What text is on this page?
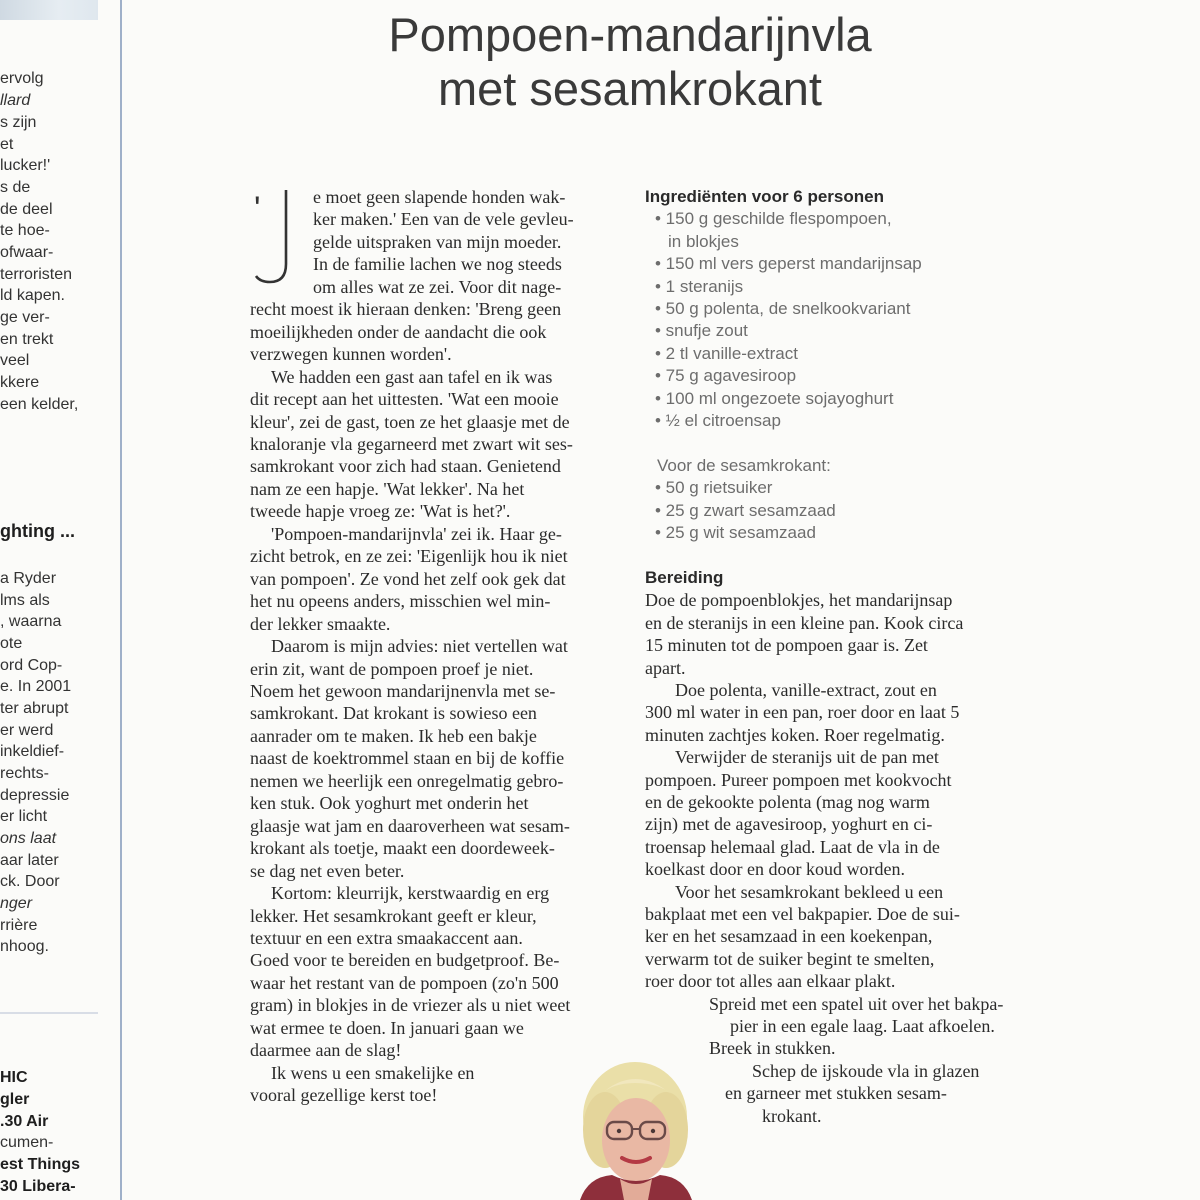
ervolg
llard
s zijn
et
lucker!'
s de
de deel
te hoe-
ofwaar-
terroristen
ld kapen.
ge ver-
en trekt
veel
kkere
een kelder,
ghting ...
a Ryder
lms als
, waarna
ote
ord Cop-
e. In 2001
ter abrupt
er werd
inkeldief-
rechts-
depressie
er licht
ons laat
aar later
ck. Door
nger
rrière
nhoog.
HIC
gler
.30 Air
cumen-
est Things
30 Libera-
Pompoen-mandarijnvla
met sesamkrokant
'	e moet geen slapende honden wak-
ker maken.' Een van de vele gevleu-
gelde uitspraken van mijn moeder.
In de familie lachen we nog steeds
om alles wat ze zei. Voor dit nage-
recht moest ik hieraan denken: 'Breng geen
moeilijkheden onder de aandacht die ook
verzwegen kunnen worden'.
We hadden een gast aan tafel en ik was
dit recept aan het uittesten. 'Wat een mooie
kleur', zei de gast, toen ze het glaasje met de
knaloranje vla gegarneerd met zwart wit ses-
samkrokant voor zich had staan. Genietend
nam ze een hapje. 'Wat lekker'. Na het
tweede hapje vroeg ze: 'Wat is het?'.
'Pompoen-mandarijnvla' zei ik. Haar ge-
zicht betrok, en ze zei: 'Eigenlijk hou ik niet
van pompoen'. Ze vond het zelf ook gek dat
het nu opeens anders, misschien wel min-
der lekker smaakte.
Daarom is mijn advies: niet vertellen wat
erin zit, want de pompoen proef je niet.
Noem het gewoon mandarijnenvla met se-
samkrokant. Dat krokant is sowieso een
aanrader om te maken. Ik heb een bakje
naast de koektrommel staan en bij de koffie
nemen we heerlijk een onregelmatig gebro-
ken stuk. Ook yoghurt met onderin het
glaasje wat jam en daaroverheen wat sesam-
krokant als toetje, maakt een doordeweek-
se dag net even beter.
Kortom: kleurrijk, kerstwaardig en erg
lekker. Het sesamkrokant geeft er kleur,
textuur en een extra smaakaccent aan.
Goed voor te bereiden en budgetproof. Be-
waar het restant van de pompoen (zo'n 500
gram) in blokjes in de vriezer als u niet weet
wat ermee te doen. In januari gaan we
daarmee aan de slag!
Ik wens u een smakelijke en
vooral gezellige kerst toe!
Ingrediënten voor 6 personen
• 150 g geschilde flespompoen,
in blokjes
• 150 ml vers geperst mandarijnsap
• 1 steranijs
• 50 g polenta, de snelkookvariant
• snufje zout
• 2 tl vanille-extract
• 75 g agavesiroop
• 100 ml ongezoete sojayoghurt
• ½ el citroensap
Voor de sesamkrokant:
• 50 g rietsuiker
• 25 g zwart sesamzaad
• 25 g wit sesamzaad
Bereiding
Doe de pompoenblokjes, het mandarijnsap
en de steranijs in een kleine pan. Kook circa
15 minuten tot de pompoen gaar is. Zet
apart.
Doe polenta, vanille-extract, zout en
300 ml water in een pan, roer door en laat 5
minuten zachtjes koken. Roer regelmatig.
Verwijder de steranijs uit de pan met
pompoen. Pureer pompoen met kookvocht
en de gekookte polenta (mag nog warm
zijn) met de agavesiroop, yoghurt en ci-
troensap helemaal glad. Laat de vla in de
koelkast door en door koud worden.
Voor het sesamkrokant bekleed u een
bakplaat met een vel bakpapier. Doe de sui-
ker en het sesamzaad in een koekenpan,
verwarm tot de suiker begint te smelten,
roer door tot alles aan elkaar plakt.
Spreid met een spatel uit over het bakpa-
pier in een egale laag. Laat afkoelen.
Breek in stukken.
Schep de ijskoude vla in glazen
en garneer met stukken sesam-
krokant.
